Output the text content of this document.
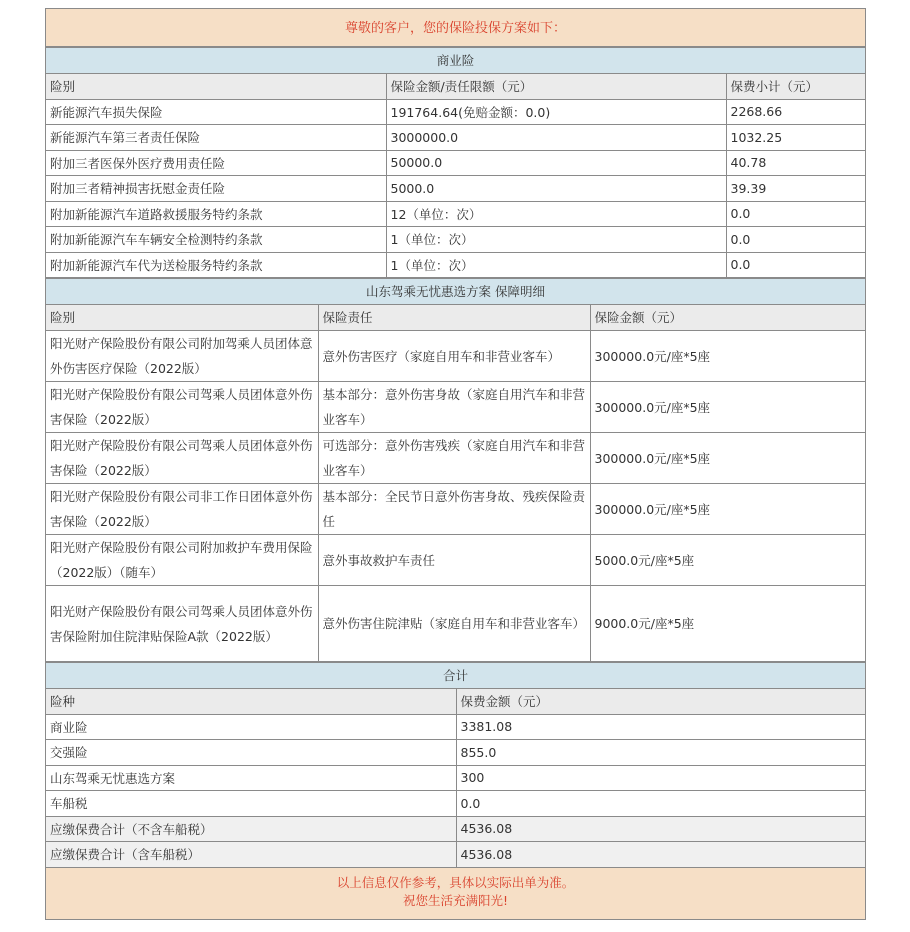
尊敬的客户，您的保险投保方案如下：
商业险
险别	保险金额/责任限额（元）	保费小计（元）
新能源汽车损失保险	191764.64(免赔金额：0.0)	2268.66
新能源汽车第三者责任保险	3000000.0	1032.25
附加三者医保外医疗费用责任险	50000.0	40.78
附加三者精神损害抚慰金责任险	5000.0	39.39
附加新能源汽车道路救援服务特约条款	12（单位：次）	0.0
附加新能源汽车车辆安全检测特约条款	1（单位：次）	0.0
附加新能源汽车代为送检服务特约条款	1（单位：次）	0.0
山东驾乘无忧惠选方案 保障明细
险别	保险责任	保险金额（元）
阳光财产保险股份有限公司附加驾乘人员团体意外伤害医疗保险（2022版）	意外伤害医疗（家庭自用车和非营业客车）	300000.0元/座*5座
阳光财产保险股份有限公司驾乘人员团体意外伤害保险（2022版）	基本部分：意外伤害身故（家庭自用汽车和非营业客车）	300000.0元/座*5座
阳光财产保险股份有限公司驾乘人员团体意外伤害保险（2022版）	可选部分：意外伤害残疾（家庭自用汽车和非营业客车）	300000.0元/座*5座
阳光财产保险股份有限公司非工作日团体意外伤害保险（2022版）	基本部分：全民节日意外伤害身故、残疾保险责任	300000.0元/座*5座
阳光财产保险股份有限公司附加救护车费用保险（2022版）（随车）	意外事故救护车责任	5000.0元/座*5座
阳光财产保险股份有限公司驾乘人员团体意外伤害保险附加住院津贴保险A款（2022版）	意外伤害住院津贴（家庭自用车和非营业客车）	9000.0元/座*5座
合计
险种	保费金额（元）
商业险	3381.08
交强险	855.0
山东驾乘无忧惠选方案	300
车船税	0.0
应缴保费合计（不含车船税）	4536.08
应缴保费合计（含车船税）	4536.08
以上信息仅作参考，具体以实际出单为准。
祝您生活充满阳光!
